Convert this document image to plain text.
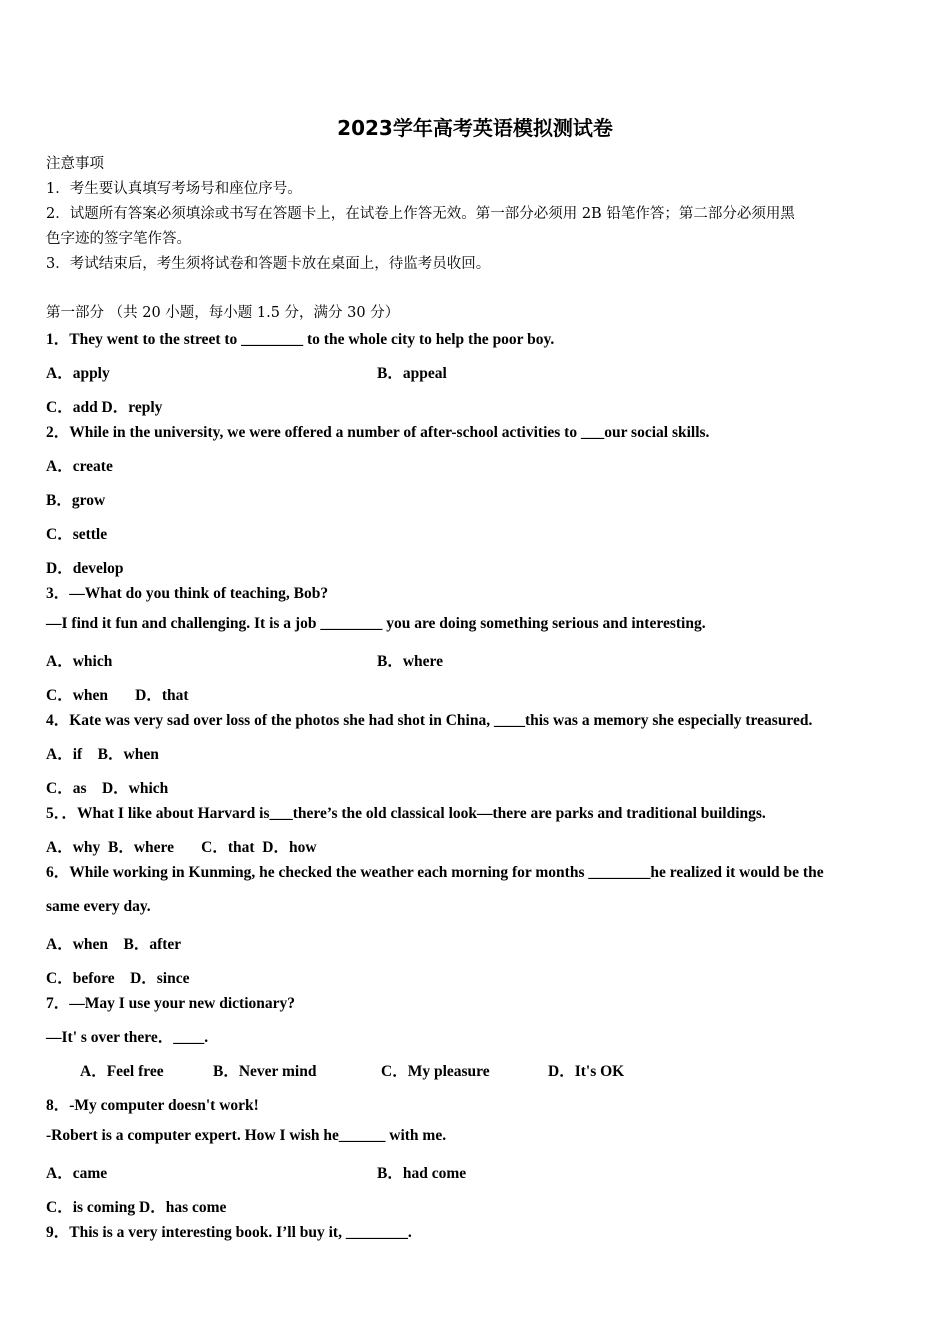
2023学年高考英语模拟测试卷
注意事项
1．考生要认真填写考场号和座位序号。
2．试题所有答案必须填涂或书写在答题卡上，在试卷上作答无效。第一部分必须用 2B 铅笔作答；第二部分必须用黑
色字迹的签字笔作答。
3．考试结束后，考生须将试卷和答题卡放在桌面上，待监考员收回。
第一部分 （共 20 小题，每小题 1.5 分，满分 30 分）
1．They went to the street to ________ to the whole city to help the poor boy.
A．apply	B．appeal
C．add D．reply
2．While in the university, we were offered a number of after-school activities to ___our social skills.
A．create
B．grow
C．settle
D．develop
3．—What do you think of teaching, Bob?
—I find it fun and challenging. It is a job ________ you are doing something serious and interesting.
A．which	B．where
C．when       D．that
4．Kate was very sad over loss of the photos she had shot in China, ____this was a memory she especially treasured.
A．if    B．when
C．as    D．which
5．．What I like about Harvard is___there’s the old classical look—there are parks and traditional buildings.
A．why  B．where       C．that  D．how
6．While working in Kunming, he checked the weather each morning for months ________he realized it would be the
same every day.
A．when    B．after
C．before    D．since
7．—May I use your new dictionary?
—It' s over there．____.
A．Feel free	B．Never mind	C．My pleasure	D．It's OK
8．-My computer doesn't work!
-Robert is a computer expert. How I wish he______ with me.
A．came	B．had come
C．is coming D．has come
9．This is a very interesting book. I’ll buy it, ________.
